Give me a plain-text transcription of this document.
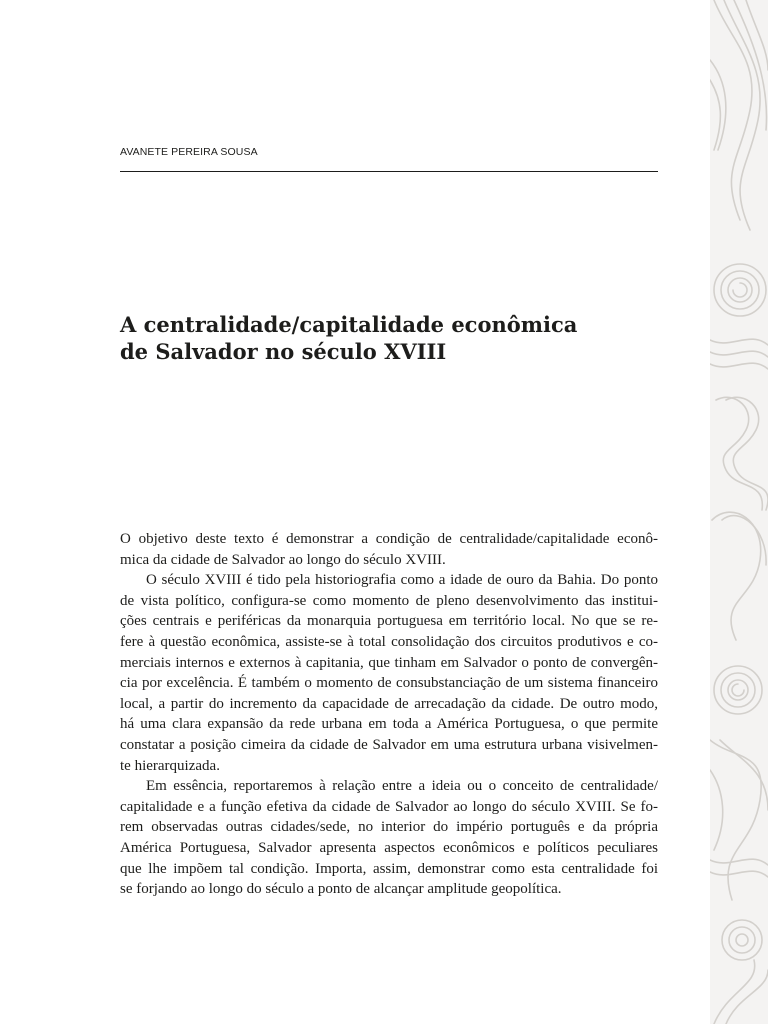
AVANETE PEREIRA SOUSA
A centralidade/capitalidade econômica
de Salvador no século XVIII
O objetivo deste texto é demonstrar a condição de centralidade/capitalidade econô-
mica da cidade de Salvador ao longo do século XVIII.
O século XVIII é tido pela historiografia como a idade de ouro da Bahia. Do ponto
de vista político, configura-se como momento de pleno desenvolvimento das institui-
ções centrais e periféricas da monarquia portuguesa em território local. No que se re-
fere à questão econômica, assiste-se à total consolidação dos circuitos produtivos e co-
merciais internos e externos à capitania, que tinham em Salvador o ponto de convergên-
cia por excelência. É também o momento de consubstanciação de um sistema financeiro
local, a partir do incremento da capacidade de arrecadação da cidade. De outro modo,
há uma clara expansão da rede urbana em toda a América Portuguesa, o que permite
constatar a posição cimeira da cidade de Salvador em uma estrutura urbana visivelmen-
te hierarquizada.
Em essência, reportaremos à relação entre a ideia ou o conceito de centralidade/
capitalidade e a função efetiva da cidade de Salvador ao longo do século XVIII. Se fo-
rem observadas outras cidades/sede, no interior do império português e da própria
América Portuguesa, Salvador apresenta aspectos econômicos e políticos peculiares
que lhe impõem tal condição. Importa, assim, demonstrar como esta centralidade foi
se forjando ao longo do século a ponto de alcançar amplitude geopolítica.
